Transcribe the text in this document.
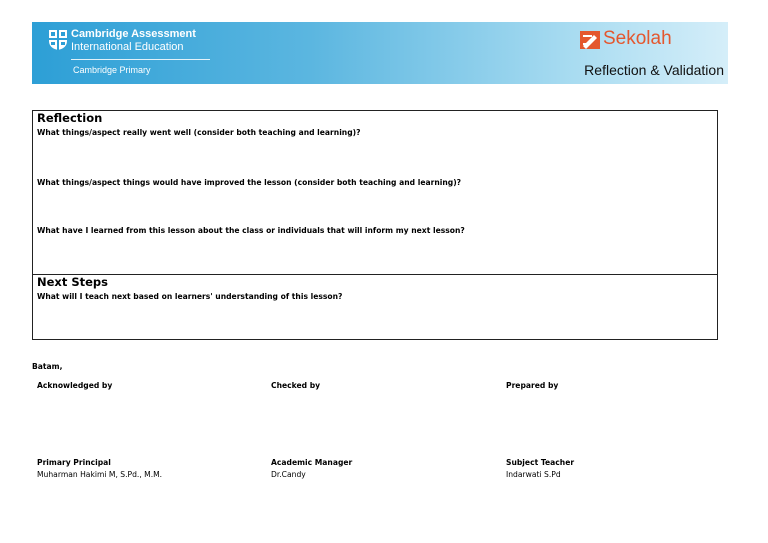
Cambridge Assessment
International Education
Cambridge Primary
Sekolah
Reflection & Validation
Reflection
What things/aspect really went well (consider both teaching and learning)?
What things/aspect things would have improved the lesson (consider both teaching and learning)?
What have I learned from this lesson about the class or individuals that will inform my next lesson?
Next Steps
What will I teach next based on learners' understanding of this lesson?
Batam,
Acknowledged by	Checked by	Prepared by
Primary Principal
Muharman Hakimi M, S.Pd., M.M.
Academic Manager
Dr.Candy
Subject Teacher
Indarwati S.Pd
